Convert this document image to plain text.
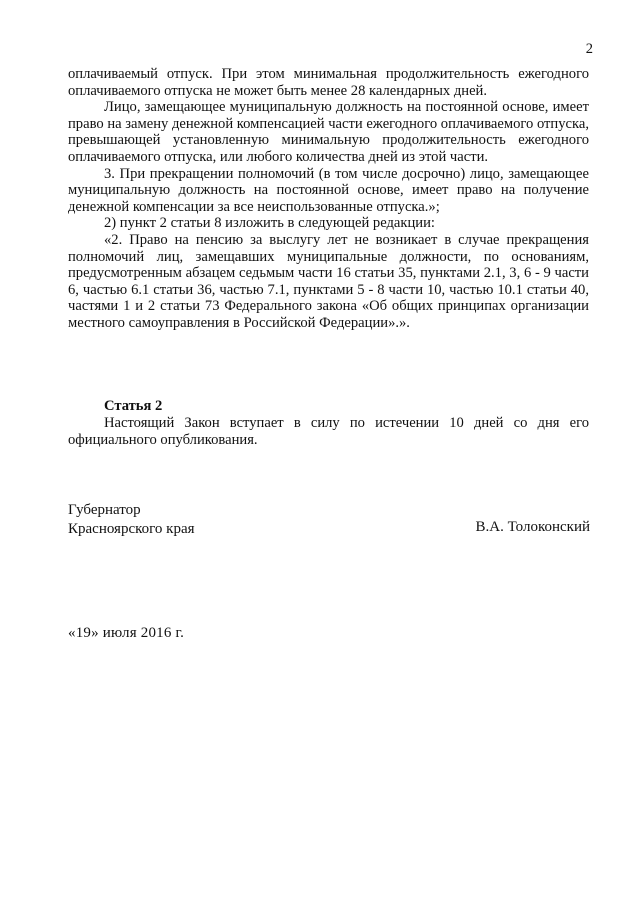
2

оплачиваемый отпуск. При этом минимальная продолжительность ежегодного оплачиваемого отпуска не может быть менее 28 календарных дней.

Лицо, замещающее муниципальную должность на постоянной основе, имеет право на замену денежной компенсацией части ежегодного оплачиваемого отпуска, превышающей установленную минимальную продолжительность ежегодного оплачиваемого отпуска, или любого количества дней из этой части.

3. При прекращении полномочий (в том числе досрочно) лицо, замещающее муниципальную должность на постоянной основе, имеет право на получение денежной компенсации за все неиспользованные отпуска.»;

2) пункт 2 статьи 8 изложить в следующей редакции:

«2. Право на пенсию за выслугу лет не возникает в случае прекращения полномочий лиц, замещавших муниципальные должности, по основаниям, предусмотренным абзацем седьмым части 16 статьи 35, пунктами 2.1, 3, 6 - 9 части 6, частью 6.1 статьи 36, частью 7.1, пунктами 5 - 8 части 10, частью 10.1 статьи 40, частями 1 и 2 статьи 73 Федерального закона «Об общих принципах организации местного самоуправления в Российской Федерации».».

Статья 2

Настоящий Закон вступает в силу по истечении 10 дней со дня его официального опубликования.

Губернатор
Красноярского края	В.А. Толоконский
«19» июля 2016 г.
